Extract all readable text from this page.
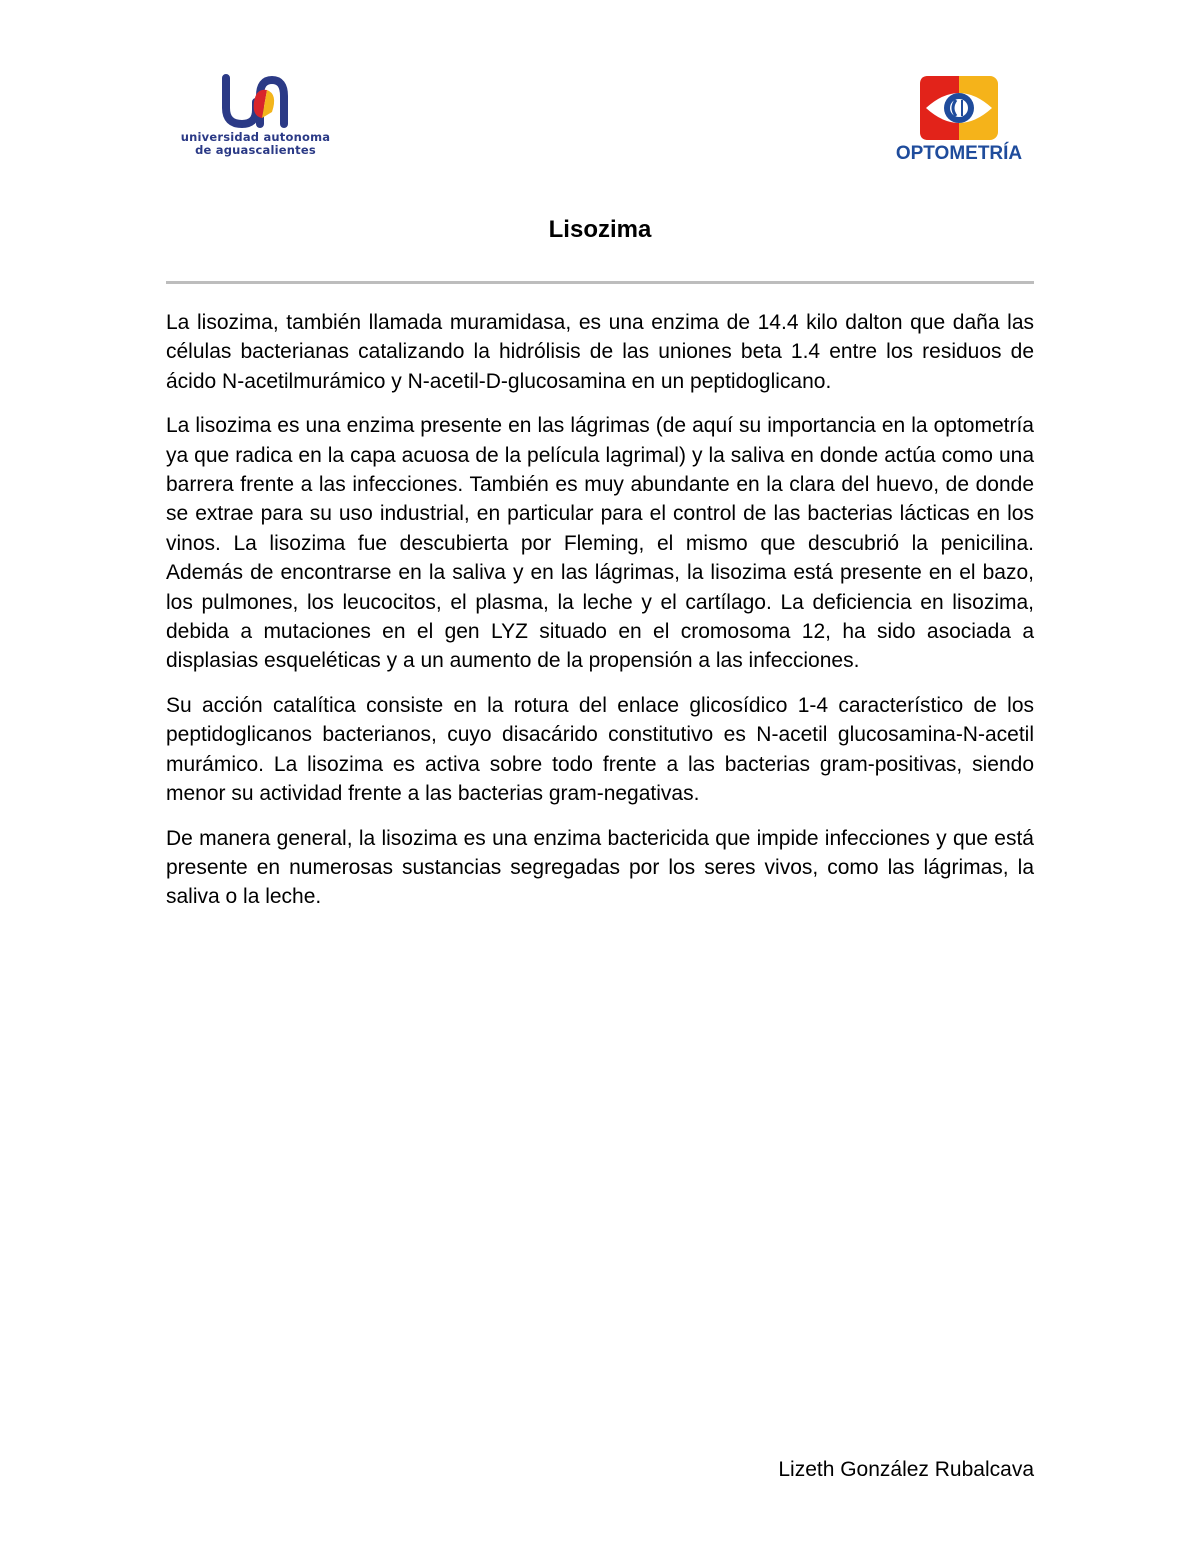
universidad autonoma
de aguascalientes	OPTOMETRÍA
Lisozima

La lisozima, también llamada muramidasa, es una enzima de 14.4 kilo dalton que daña las células bacterianas catalizando la hidrólisis de las uniones beta 1.4 entre los residuos de ácido N-acetilmurámico y N-acetil-D-glucosamina en un peptidoglicano.

La lisozima es una enzima presente en las lágrimas (de aquí su importancia en la optometría ya que radica en la capa acuosa de la película lagrimal) y la saliva en donde actúa como una barrera frente a las infecciones. También es muy abundante en la clara del huevo, de donde se extrae para su uso industrial, en particular para el control de las bacterias lácticas en los vinos. La lisozima fue descubierta por Fleming, el mismo que descubrió la penicilina. Además de encontrarse en la saliva y en las lágrimas, la lisozima está presente en el bazo, los pulmones, los leucocitos, el plasma, la leche y el cartílago. La deficiencia en lisozima, debida a mutaciones en el gen LYZ situado en el cromosoma 12, ha sido asociada a displasias esqueléticas y a un aumento de la propensión a las infecciones.

Su acción catalítica consiste en la rotura del enlace glicosídico 1-4 característico de los peptidoglicanos bacterianos, cuyo disacárido constitutivo es N-acetil glucosamina-N-acetil murámico. La lisozima es activa sobre todo frente a las bacterias gram-positivas, siendo menor su actividad frente a las bacterias gram-negativas.

De manera general, la lisozima es una enzima bactericida que impide infecciones y que está presente en numerosas sustancias segregadas por los seres vivos, como las lágrimas, la saliva o la leche.

Lizeth González Rubalcava
